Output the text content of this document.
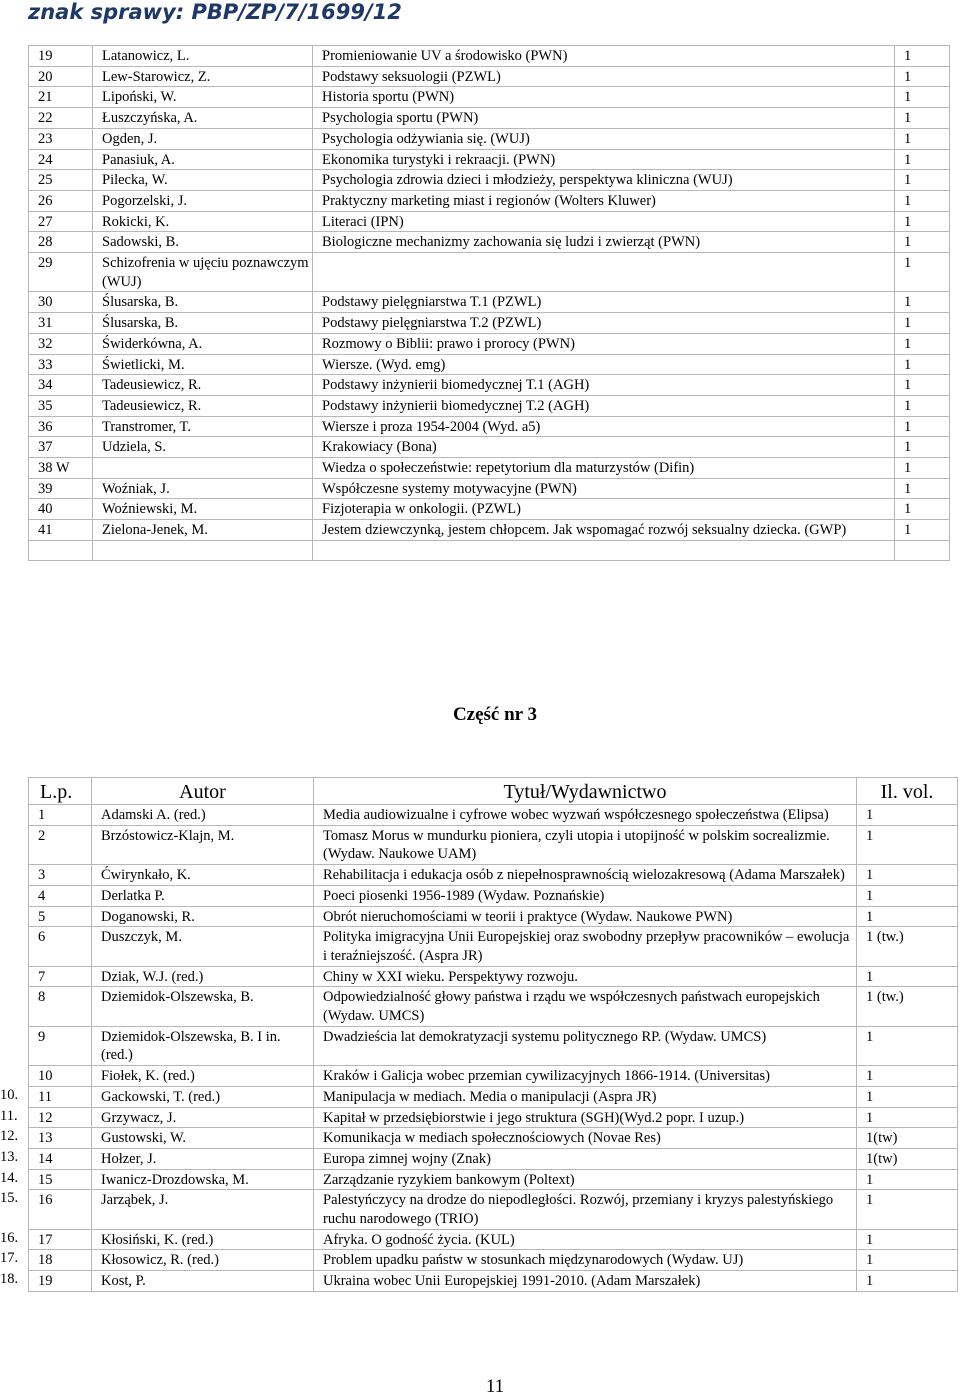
znak sprawy: PBP/ZP/7/1699/12
19	Latanowicz, L.	Promieniowanie UV a środowisko (PWN)	1
20	Lew-Starowicz, Z.	Podstawy seksuologii (PZWL)	1
21	Lipoński, W.	Historia sportu (PWN)	1
22	Łuszczyńska, A.	Psychologia sportu (PWN)	1
23	Ogden, J.	Psychologia odżywiania się. (WUJ)	1
24	Panasiuk, A.	Ekonomika turystyki i rekraacji. (PWN)	1
25	Pilecka, W.	Psychologia zdrowia dzieci i młodzieży, perspektywa kliniczna (WUJ)	1
26	Pogorzelski, J.	Praktyczny marketing miast i regionów (Wolters Kluwer)	1
27	Rokicki, K.	Literaci (IPN)	1
28	Sadowski, B.	Biologiczne mechanizmy zachowania się ludzi i zwierząt (PWN)	1
29	Schizofrenia w ujęciu poznawczym (WUJ)		1
30	Ślusarska, B.	Podstawy pielęgniarstwa T.1 (PZWL)	1
31	Ślusarska, B.	Podstawy pielęgniarstwa T.2 (PZWL)	1
32	Świderkówna, A.	Rozmowy o Biblii: prawo i prorocy (PWN)	1
33	Świetlicki, M.	Wiersze. (Wyd. emg)	1
34	Tadeusiewicz, R.	Podstawy inżynierii biomedycznej T.1 (AGH)	1
35	Tadeusiewicz, R.	Podstawy inżynierii biomedycznej T.2 (AGH)	1
36	Transtromer, T.	Wiersze i proza 1954-2004 (Wyd. a5)	1
37	Udziela, S.	Krakowiacy (Bona)	1
38 W		Wiedza o społeczeństwie: repetytorium dla maturzystów (Difin)	1
39	Woźniak, J.	Współczesne systemy motywacyjne (PWN)	1
40	Woźniewski, M.	Fizjoterapia w onkologii. (PZWL)	1
41	Zielona-Jenek, M.	Jestem dziewczynką, jestem chłopcem. Jak wspomagać rozwój seksualny dziecka. (GWP)	1

Część nr 3
L.p.	Autor	Tytuł/Wydawnictwo	Il. vol.
1	Adamski A. (red.)	Media audiowizualne i cyfrowe wobec wyzwań współczesnego społeczeństwa (Elipsa)	1
2	Brzóstowicz-Klajn, M.	Tomasz Morus w mundurku pioniera, czyli utopia i utopijność w polskim socrealizmie. (Wydaw. Naukowe UAM)	1
3	Ćwirynkało, K.	Rehabilitacja i edukacja osób z niepełnosprawnością wielozakresową (Adama Marszałek)	1
4	Derlatka P.	Poeci piosenki 1956-1989 (Wydaw. Poznańskie)	1
5	Doganowski, R.	Obrót nieruchomościami w teorii i praktyce (Wydaw. Naukowe PWN)	1
6	Duszczyk, M.	Polityka imigracyjna Unii Europejskiej oraz swobodny przepływ pracowników – ewolucja i teraźniejszość. (Aspra JR)	1 (tw.)
7	Dziak, W.J. (red.)	Chiny w XXI wieku. Perspektywy rozwoju.	1
8	Dziemidok-Olszewska, B.	Odpowiedzialność głowy państwa i rządu we współczesnych państwach europejskich (Wydaw. UMCS)	1 (tw.)
9	Dziemidok-Olszewska, B. I in. (red.)	Dwadzieścia lat demokratyzacji systemu politycznego RP. (Wydaw. UMCS)	1
10	Fiołek, K. (red.)	Kraków i Galicja wobec przemian cywilizacyjnych 1866-1914. (Universitas)	1
11	Gackowski, T. (red.)	Manipulacja w mediach. Media o manipulacji (Aspra JR)	1
12	Grzywacz, J.	Kapitał w przedsiębiorstwie i jego struktura (SGH)(Wyd.2 popr. I uzup.)	1
13	Gustowski, W.	Komunikacja w mediach społecznościowych (Novae Res)	1(tw)
14	Hołzer, J.	Europa zimnej wojny (Znak)	1(tw)
15	Iwanicz-Drozdowska, M.	Zarządzanie ryzykiem bankowym (Poltext)	1
16	Jarząbek, J.	Palestyńczycy na drodze do niepodległości. Rozwój, przemiany i kryzys palestyńskiego ruchu narodowego (TRIO)	1
17	Kłosiński, K. (red.)	Afryka. O godność życia. (KUL)	1
18	Kłosowicz, R. (red.)	Problem upadku państw w stosunkach międzynarodowych (Wydaw. UJ)	1
19	Kost, P.	Ukraina wobec Unii Europejskiej 1991-2010. (Adam Marszałek)	1
10.
11.
12.
13.
14.
15.
16.
17.
18.
11
